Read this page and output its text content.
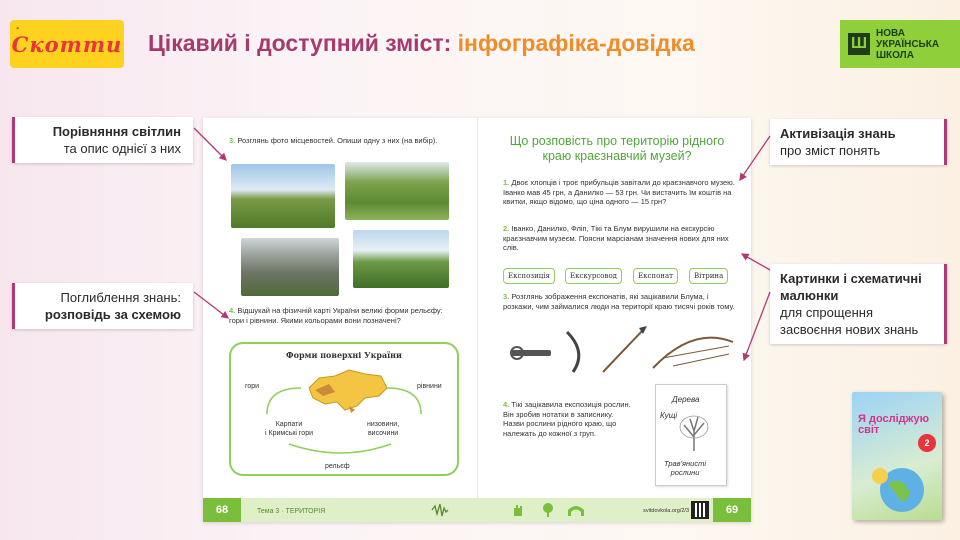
✦
Скотти Цікавий і доступний зміст: інфографіка-довідка	Ш
НОВА
УКРАЇНСЬКА
ШКОЛА
Порівняння світлин
та опис однієї з них
Поглиблення знань:
розповідь за схемою
Активізація знань
про зміст понять
Картинки і схематичні
малюнки
для спрощення
засвоєння нових знань
3. Розглянь фото місцевостей. Опиши одну з них (на вибір).
4. Відшукай на фізичній карті України великі форми рельєфу: гори і рівнини. Якими кольорами вони позначені?
Форми поверхні України
гори	рівнини
Карпати
і Кримські гори
низовини,
височини
рельєф
Що розповість про територію рідного краю краєзнавчий музей?
1. Двоє хлопців і троє прибульців завітали до краєзнавчого музею. Іванко мав 45 грн, а Данилко — 53 грн. Чи вистачить їм коштів на квитки, якщо відомо, що ціна одного — 15 грн?
2. Іванко, Данилко, Фліп, Тікі та Блум вирушили на екскурсію краєзнавчим музеєм. Поясни марсіанам значення нових для них слів.
Експозиція	Екскурсовод	Експонат	Вітрина
3. Розглянь зображення експонатів, які зацікавили Блума, і розкажи, чим займалися люди на території краю тисячі років тому.
4. Тікі зацікавила експозиція рослин. Він зробив нотатки в записнику. Назви рослини рідного краю, що належать до кожної з груп.
Дерева
Кущі
Трав'янисті
рослини
68	Тема 3 · ТЕРИТОРІЯ	svitdovkola.org/2/3	69
Я досліджую світ
2
